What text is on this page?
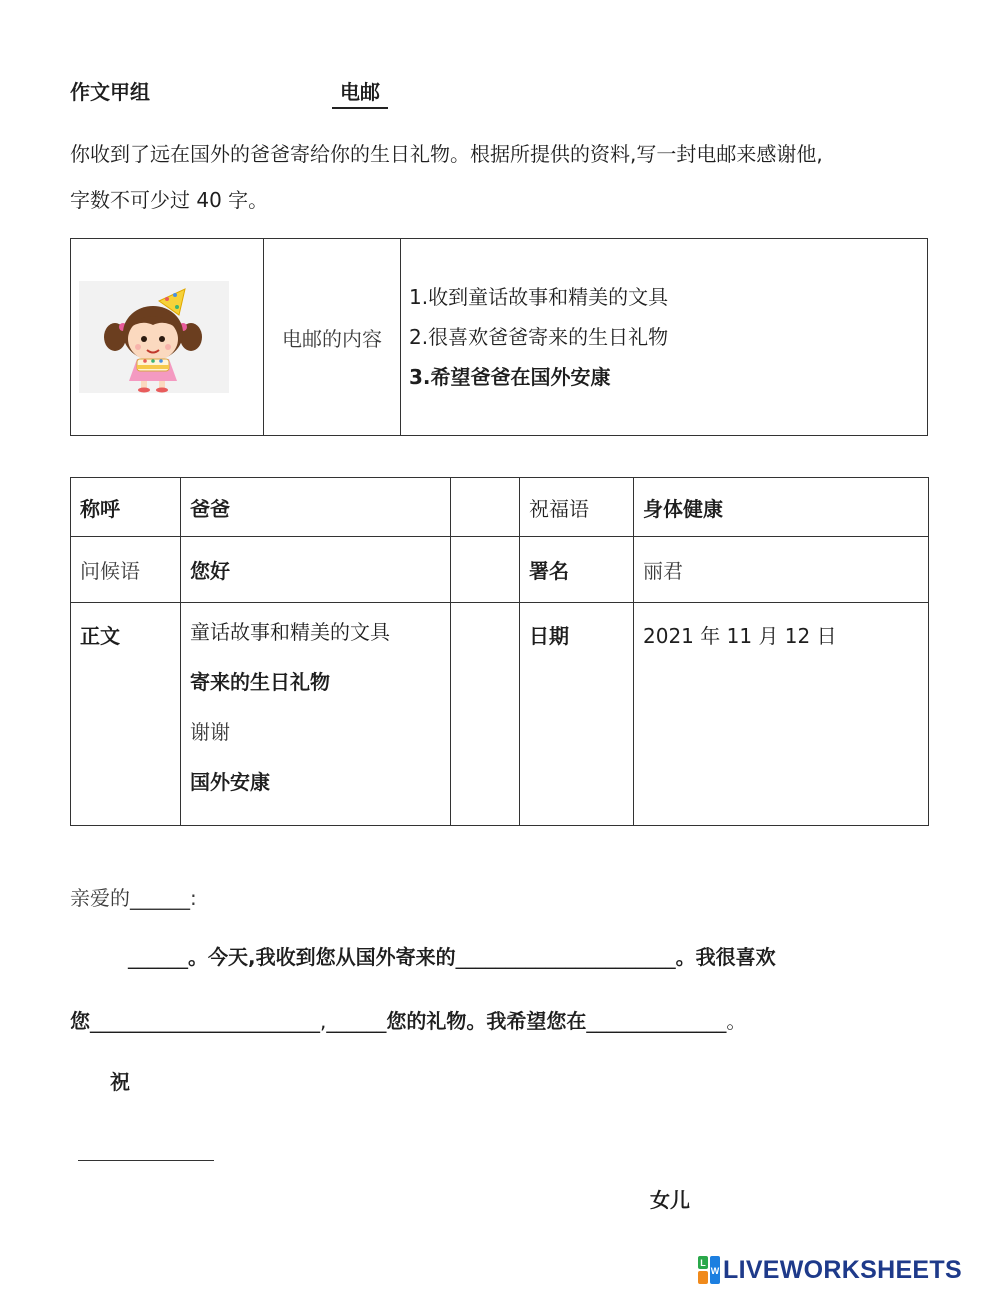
作文甲组	电邮
你收到了远在国外的爸爸寄给你的生日礼物。根据所提供的资料,写一封电邮来感谢他,
字数不可少过 40 字。
	电邮的内容	
1.收到童话故事和精美的文具
2.很喜欢爸爸寄来的生日礼物
3.希望爸爸在国外安康
称呼	爸爸		祝福语	身体健康
问候语	您好		署名	丽君
正文	童话故事和精美的文具
寄来的生日礼物
谢谢
国外安康		日期	2021 年 11 月 12 日
亲爱的______:
______。今天,我收到您从国外寄来的______________________。我很喜欢
您_______________________,______您的礼物。我希望您在______________。
祝
女儿
L
W LIVEWORKSHEETS
